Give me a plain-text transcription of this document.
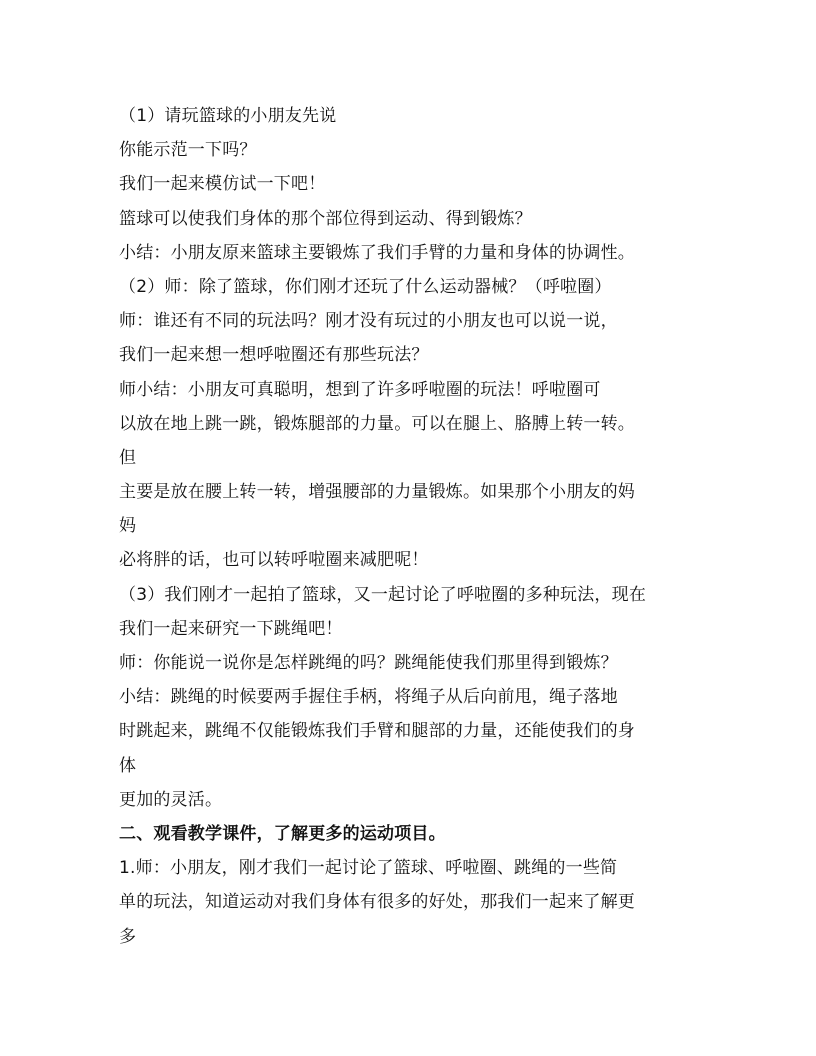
（1）请玩篮球的小朋友先说
你能示范一下吗？
我们一起来模仿试一下吧！
篮球可以使我们身体的那个部位得到运动、得到锻炼？
小结：小朋友原来篮球主要锻炼了我们手臂的力量和身体的协调性。
（2）师：除了篮球，你们刚才还玩了什么运动器械？（呼啦圈）
师：谁还有不同的玩法吗？刚才没有玩过的小朋友也可以说一说，
我们一起来想一想呼啦圈还有那些玩法？
师小结：小朋友可真聪明，想到了许多呼啦圈的玩法！呼啦圈可
以放在地上跳一跳，锻炼腿部的力量。可以在腿上、胳膊上转一转。
但
主要是放在腰上转一转，增强腰部的力量锻炼。如果那个小朋友的妈
妈
必将胖的话，也可以转呼啦圈来减肥呢！
（3）我们刚才一起拍了篮球，又一起讨论了呼啦圈的多种玩法，现在
我们一起来研究一下跳绳吧！
师：你能说一说你是怎样跳绳的吗？跳绳能使我们那里得到锻炼？
小结：跳绳的时候要两手握住手柄，将绳子从后向前甩，绳子落地
时跳起来，跳绳不仅能锻炼我们手臂和腿部的力量，还能使我们的身
体
更加的灵活。
二、观看教学课件，了解更多的运动项目。
1.师：小朋友，刚才我们一起讨论了篮球、呼啦圈、跳绳的一些简
单的玩法，知道运动对我们身体有很多的好处，那我们一起来了解更
多
